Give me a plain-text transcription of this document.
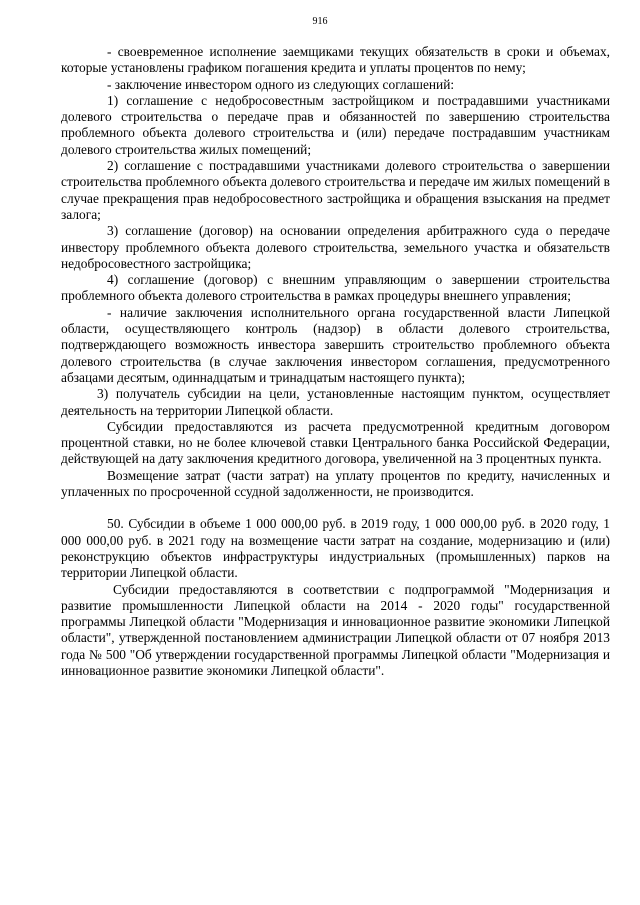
916

- своевременное исполнение заемщиками текущих обязательств в сроки и объемах, которые установлены графиком погашения кредита и уплаты процентов по нему;

- заключение инвестором одного из следующих соглашений:

1) соглашение с недобросовестным застройщиком и пострадавшими участниками долевого строительства о передаче прав и обязанностей по завершению строительства проблемного объекта долевого строительства и (или) передаче пострадавшим участникам долевого строительства жилых помещений;

2) соглашение с пострадавшими участниками долевого строительства о завершении строительства проблемного объекта долевого строительства и передаче им жилых помещений в случае прекращения прав недобросовестного застройщика и обращения взыскания на предмет залога;

3) соглашение (договор) на основании определения арбитражного суда о передаче инвестору проблемного объекта долевого строительства, земельного участка и обязательств недобросовестного застройщика;

4) соглашение (договор) с внешним управляющим о завершении строительства проблемного объекта долевого строительства в рамках процедуры внешнего управления;

- наличие заключения исполнительного органа государственной власти Липецкой области, осуществляющего контроль (надзор) в области долевого строительства, подтверждающего возможность инвестора завершить строительство проблемного объекта долевого строительства (в случае заключения инвестором соглашения, предусмотренного абзацами десятым, одиннадцатым и тринадцатым настоящего пункта);

3) получатель субсидии на цели, установленные настоящим пунктом, осуществляет деятельность на территории Липецкой области.

Субсидии предоставляются из расчета предусмотренной кредитным договором процентной ставки, но не более ключевой ставки Центрального банка Российской Федерации, действующей на дату заключения кредитного договора, увеличенной на 3 процентных пункта.

Возмещение затрат (части затрат) на уплату процентов по кредиту, начисленных и уплаченных по просроченной ссудной задолженности, не производится.

50. Субсидии в объеме 1 000 000,00 руб. в 2019 году, 1 000 000,00 руб. в 2020 году, 1 000 000,00 руб. в 2021 году на возмещение части затрат на создание, модернизацию и (или) реконструкцию объектов инфраструктуры индустриальных (промышленных) парков на территории Липецкой области.

Субсидии предоставляются в соответствии с подпрограммой "Модернизация и развитие промышленности Липецкой области на 2014 - 2020 годы" государственной программы Липецкой области "Модернизация и инновационное развитие экономики Липецкой области", утвержденной постановлением администрации Липецкой области от 07 ноября 2013 года № 500 "Об утверждении государственной программы Липецкой области "Модернизация и инновационное развитие экономики Липецкой области".
